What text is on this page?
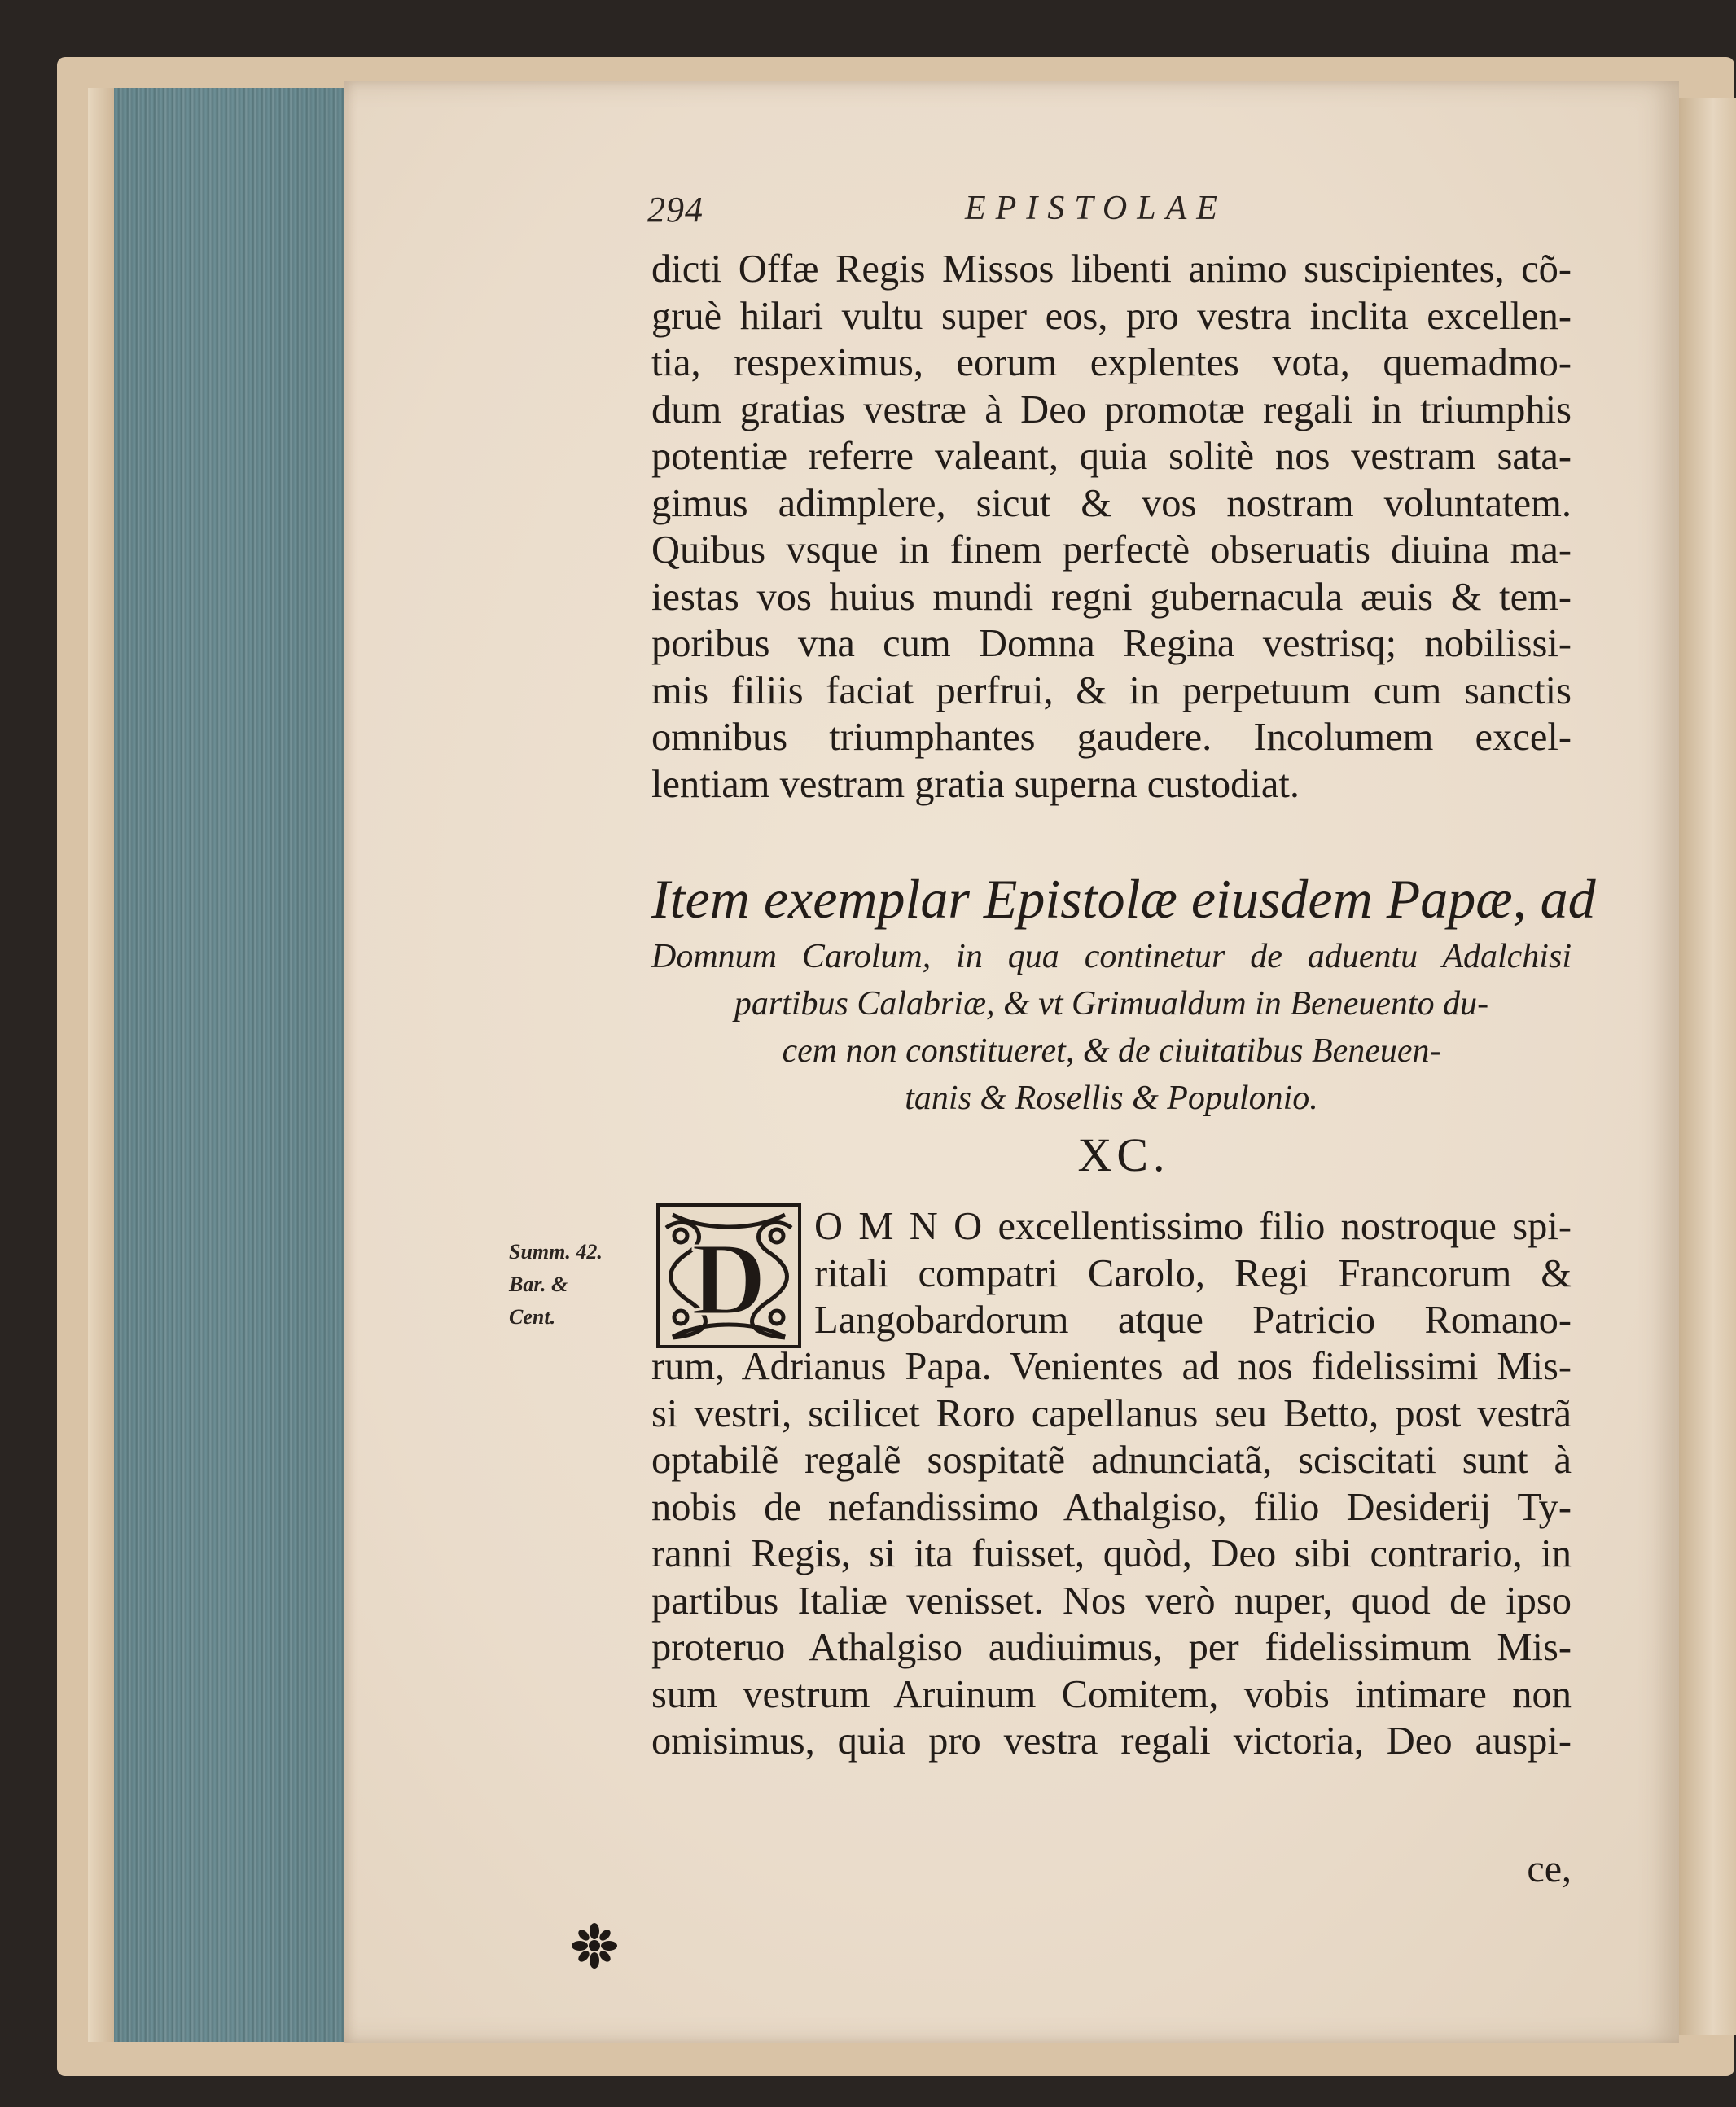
294	EPISTOLAE
dicti Offæ Regis Missos libenti animo suscipientes, cõ-
gruè hilari vultu super eos, pro vestra inclita excellen-
tia, respeximus, eorum explentes vota, quemadmo-
dum gratias vestræ à Deo promotæ regali in triumphis
potentiæ referre valeant, quia solitè nos vestram sata-
gimus adimplere, sicut & vos nostram voluntatem.
Quibus vsque in finem perfectè obseruatis diuina ma-
iestas vos huius mundi regni gubernacula æuis & tem-
poribus vna cum Domna Regina vestrisq; nobilissi-
mis filiis faciat perfrui, & in perpetuum cum sanctis
omnibus triumphantes gaudere. Incolumem excel-
lentiam vestram gratia superna custodiat.
Item exemplar Epistolæ eiusdem Papæ, ad
Domnum Carolum, in qua continetur de aduentu Adalchisi
partibus Calabriæ, & vt Grimualdum in Beneuento du-
cem non constitueret, & de ciuitatibus Beneuen-
tanis & Rosellis & Populonio.
XC.
Summ. 42.
Bar. &
Cent.	D O M N O excellentissimo filio nostroque spi-
ritali compatri Carolo, Regi Francorum &
Langobardorum atque Patricio Romano-
rum, Adrianus Papa. Venientes ad nos fidelissimi Mis-
si vestri, scilicet Roro capellanus seu Betto, post vestrã
optabilẽ regalẽ sospitatẽ adnunciatã, sciscitati sunt à
nobis de nefandissimo Athalgiso, filio Desiderij Ty-
ranni Regis, si ita fuisset, quòd, Deo sibi contrario, in
partibus Italiæ venisset. Nos verò nuper, quod de ipso
proteruo Athalgiso audiuimus, per fidelissimum Mis-
sum vestrum Aruinum Comitem, vobis intimare non
omisimus, quia pro vestra regali victoria, Deo auspi-
ce,
